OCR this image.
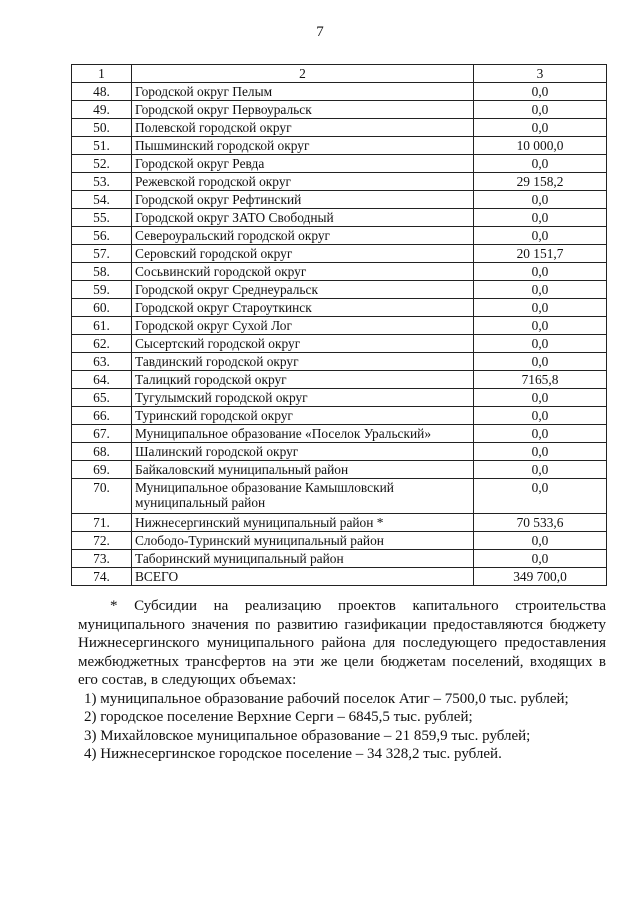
7
1	2	3
48.	Городской округ Пелым	0,0
49.	Городской округ Первоуральск	0,0
50.	Полевской городской округ	0,0
51.	Пышминский городской округ	10 000,0
52.	Городской округ Ревда	0,0
53.	Режевской городской округ	29 158,2
54.	Городской округ Рефтинский	0,0
55.	Городской округ ЗАТО Свободный	0,0
56.	Североуральский городской округ	0,0
57.	Серовский городской округ	20 151,7
58.	Сосьвинский городской округ	0,0
59.	Городской округ Среднеуральск	0,0
60.	Городской округ Староуткинск	0,0
61.	Городской округ Сухой Лог	0,0
62.	Сысертский городской округ	0,0
63.	Тавдинский городской округ	0,0
64.	Талицкий городской округ	7165,8
65.	Тугулымский городской округ	0,0
66.	Туринский городской округ	0,0
67.	Муниципальное образование «Поселок Уральский»	0,0
68.	Шалинский городской округ	0,0
69.	Байкаловский муниципальный район	0,0
70.	Муниципальное образование Камышловский муниципальный район	0,0
71.	Нижнесергинский муниципальный район *	70 533,6
72.	Слободо-Туринский муниципальный район	0,0
73.	Таборинский муниципальный район	0,0
74.	ВСЕГО	349 700,0

* Субсидии на реализацию проектов капитального строительства муниципального значения по развитию газификации предоставляются бюджету Нижнесергинского муниципального района для последующего предоставления межбюджетных трансфертов на эти же цели бюджетам поселений, входящих в его состав, в следующих объемах:

1) муниципальное образование рабочий поселок Атиг – 7500,0 тыс. рублей;
2) городское поселение Верхние Серги – 6845,5 тыс. рублей;
3) Михайловское муниципальное образование – 21 859,9 тыс. рублей;
4) Нижнесергинское городское поселение – 34 328,2 тыс. рублей.
